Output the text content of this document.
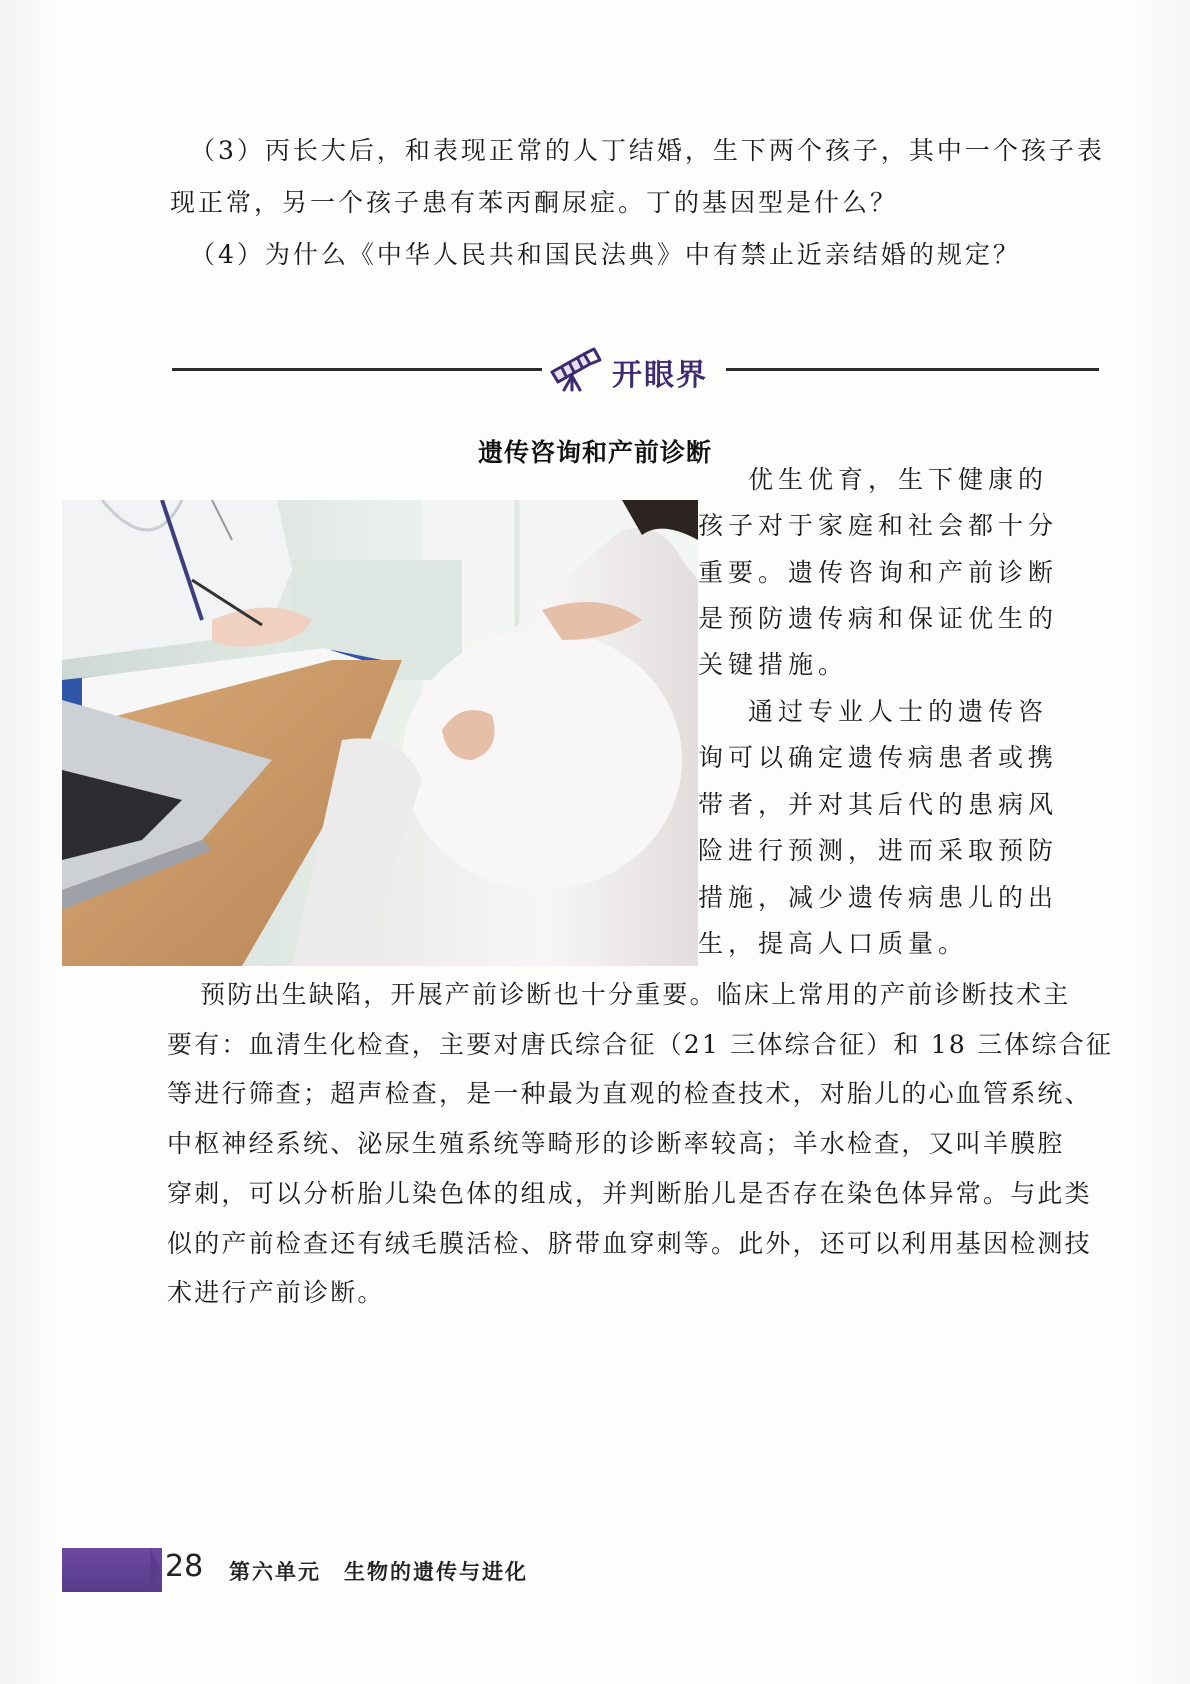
（3）丙长大后，和表现正常的人丁结婚，生下两个孩子，其中一个孩子表
现正常，另一个孩子患有苯丙酮尿症。丁的基因型是什么？
（4）为什么《中华人民共和国民法典》中有禁止近亲结婚的规定？
开眼界
遗传咨询和产前诊断
优生优育，生下健康的
孩子对于家庭和社会都十分
重要。遗传咨询和产前诊断
是预防遗传病和保证优生的
关键措施。
通过专业人士的遗传咨
询可以确定遗传病患者或携
带者，并对其后代的患病风
险进行预测，进而采取预防
措施，减少遗传病患儿的出
生，提高人口质量。
预防出生缺陷，开展产前诊断也十分重要。临床上常用的产前诊断技术主
要有：血清生化检查，主要对唐氏综合征（21 三体综合征）和 18 三体综合征
等进行筛查；超声检查，是一种最为直观的检查技术，对胎儿的心血管系统、
中枢神经系统、泌尿生殖系统等畸形的诊断率较高；羊水检查，又叫羊膜腔
穿刺，可以分析胎儿染色体的组成，并判断胎儿是否存在染色体异常。与此类
似的产前检查还有绒毛膜活检、脐带血穿刺等。此外，还可以利用基因检测技
术进行产前诊断。
28 第六单元　生物的遗传与进化
